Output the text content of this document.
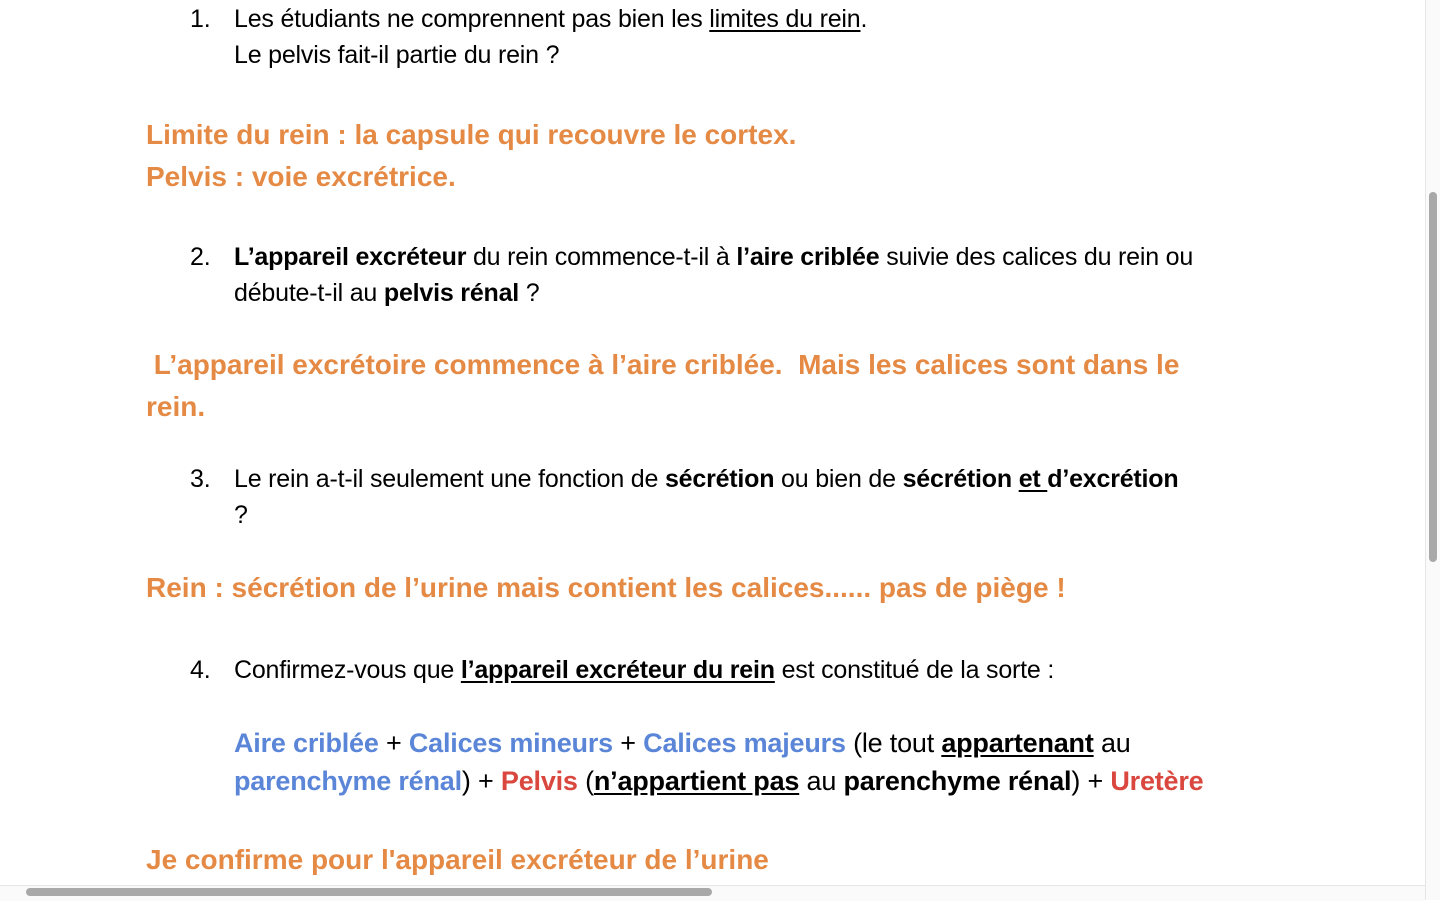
1. Les étudiants ne comprennent pas bien les limites du rein.
Le pelvis fait-il partie du rein ?
Limite du rein : la capsule qui recouvre le cortex.
Pelvis : voie excrétrice.
2. L’appareil excréteur du rein commence-t-il à l’aire criblée suivie des calices du rein ou
débute-t-il au pelvis rénal ?
L’appareil excrétoire commence à l’aire criblée.  Mais les calices sont dans le
rein.
3. Le rein a-t-il seulement une fonction de sécrétion ou bien de sécrétion et d’excrétion
?
Rein : sécrétion de l’urine mais contient les calices...... pas de piège !
4. Confirmez-vous que l’appareil excréteur du rein est constitué de la sorte :
Aire criblée + Calices mineurs + Calices majeurs (le tout appartenant au
parenchyme rénal) + Pelvis (n’appartient pas au parenchyme rénal) + Uretère
Je confirme pour l'appareil excréteur de l’urine
